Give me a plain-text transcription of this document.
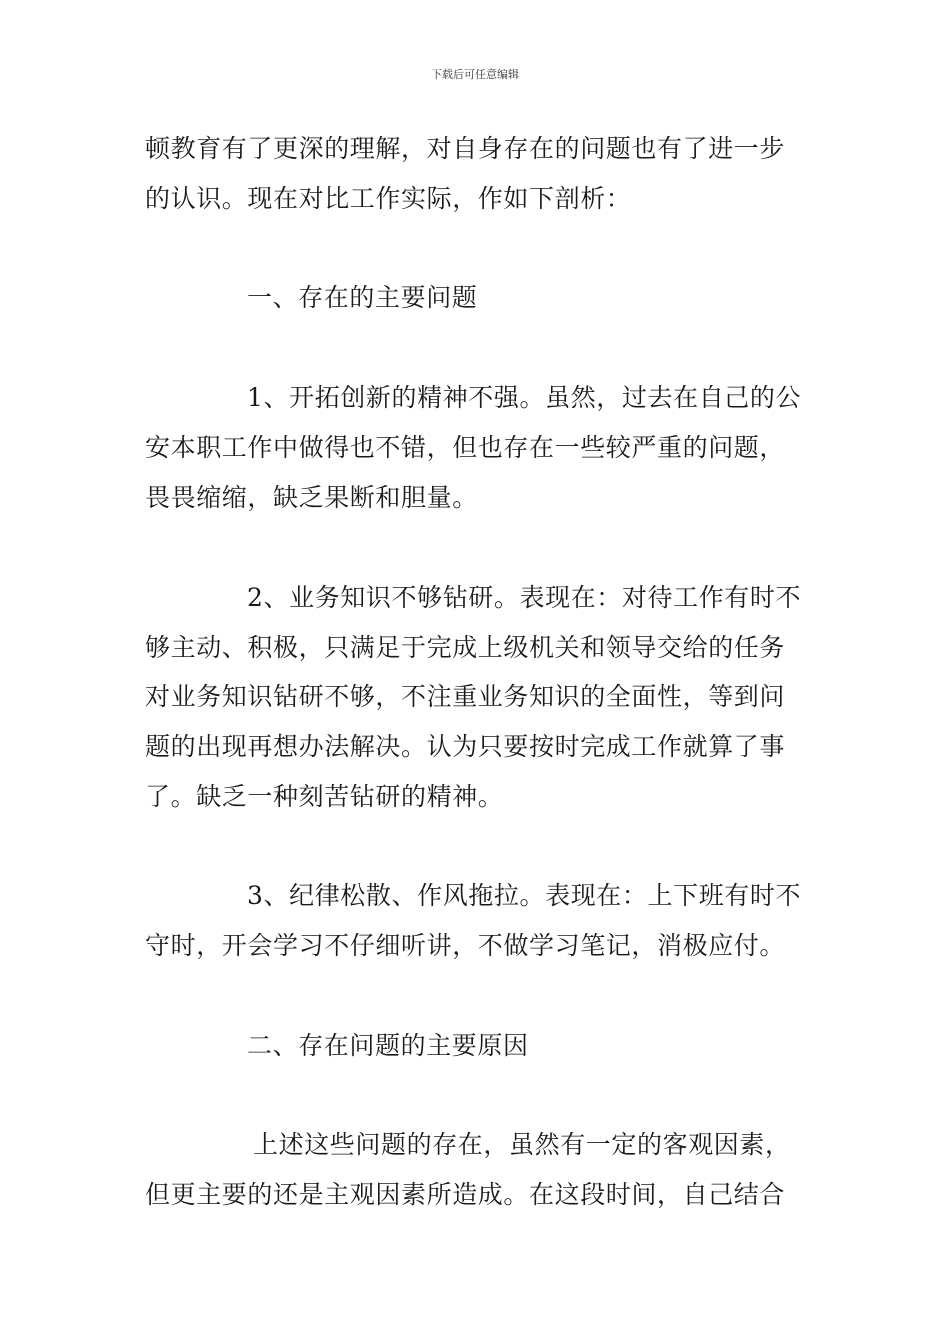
下载后可任意编辑
顿教育有了更深的理解，对自身存在的问题也有了进一步
的认识。现在对比工作实际，作如下剖析：
一、存在的主要问题
1、开拓创新的精神不强。虽然，过去在自己的公
安本职工作中做得也不错，但也存在一些较严重的问题，
畏畏缩缩，缺乏果断和胆量。
2、业务知识不够钻研。表现在：对待工作有时不
够主动、积极，只满足于完成上级机关和领导交给的任务
对业务知识钻研不够，不注重业务知识的全面性，等到问
题的出现再想办法解决。认为只要按时完成工作就算了事
了。缺乏一种刻苦钻研的精神。
3、纪律松散、作风拖拉。表现在：上下班有时不
守时，开会学习不仔细听讲，不做学习笔记，消极应付。
二、存在问题的主要原因
上述这些问题的存在，虽然有一定的客观因素，
但更主要的还是主观因素所造成。在这段时间，自己结合
